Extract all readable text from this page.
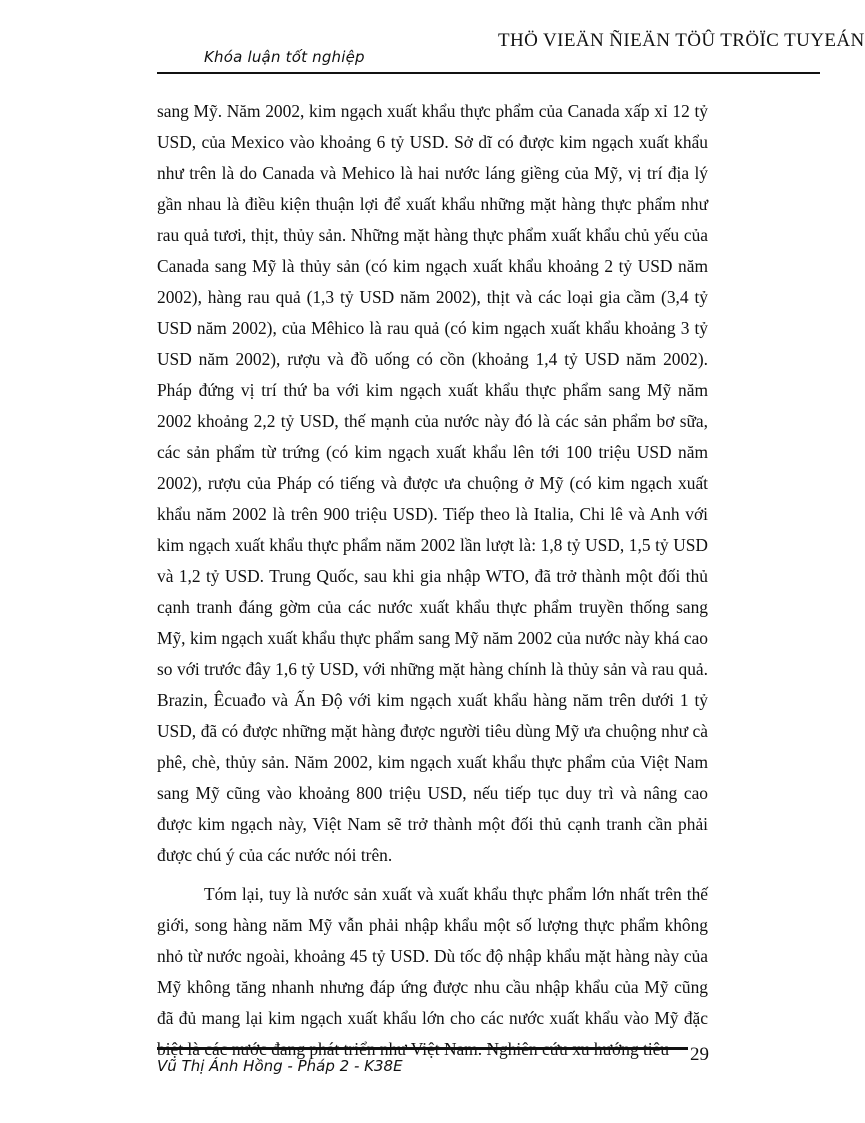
THÖ VIEÄN ÑIEÄN TÖÛ TRÖÏC TUYEÁN
Khóa luận tốt nghiệp

sang Mỹ. Năm 2002, kim ngạch xuất khẩu thực phẩm của Canada xấp xỉ 12 tỷ USD, của Mexico vào khoảng 6 tỷ USD. Sở dĩ có được kim ngạch xuất khẩu như trên là do Canada và Mehico là hai nước láng giềng của Mỹ, vị trí địa lý gần nhau là điều kiện thuận lợi để xuất khẩu những mặt hàng thực phẩm như rau quả tươi, thịt, thủy sản. Những mặt hàng thực phẩm xuất khẩu chủ yếu của Canada sang Mỹ là thủy sản (có kim ngạch xuất khẩu khoảng 2 tỷ USD năm 2002), hàng rau quả (1,3 tỷ USD năm 2002), thịt và các loại gia cầm (3,4 tỷ USD năm 2002), của Mêhico là rau quả (có kim ngạch xuất khẩu khoảng 3 tỷ USD năm 2002), rượu và đồ uống có cồn (khoảng 1,4 tỷ USD năm 2002). Pháp đứng vị trí thứ ba với kim ngạch xuất khẩu thực phẩm sang Mỹ năm 2002 khoảng 2,2 tỷ USD, thế mạnh của nước này đó là các sản phẩm bơ sữa, các sản phẩm từ trứng (có kim ngạch xuất khẩu lên tới 100 triệu USD năm 2002), rượu của Pháp có tiếng và được ưa chuộng ở Mỹ (có kim ngạch xuất khẩu năm 2002 là trên 900 triệu USD). Tiếp theo là Italia, Chi lê và Anh với kim ngạch xuất khẩu thực phẩm năm 2002 lần lượt là: 1,8 tỷ USD, 1,5 tỷ USD và 1,2 tỷ USD. Trung Quốc, sau khi gia nhập WTO, đã trở thành một đối thủ cạnh tranh đáng gờm của các nước xuất khẩu thực phẩm truyền thống sang Mỹ, kim ngạch xuất khẩu thực phẩm sang Mỹ năm 2002 của nước này khá cao so với trước đây 1,6 tỷ USD, với những mặt hàng chính là thủy sản và rau quả. Brazin, Êcuađo và Ấn Độ với kim ngạch xuất khẩu hàng năm trên dưới 1 tỷ USD, đã có được những mặt hàng được người tiêu dùng Mỹ ưa chuộng như cà phê, chè, thủy sản. Năm 2002, kim ngạch xuất khẩu thực phẩm của Việt Nam sang Mỹ cũng vào khoảng 800 triệu USD, nếu tiếp tục duy trì và nâng cao được kim ngạch này, Việt Nam sẽ trở thành một đối thủ cạnh tranh cần phải được chú ý của các nước nói trên.

Tóm lại, tuy là nước sản xuất và xuất khẩu thực phẩm lớn nhất trên thế giới, song hàng năm Mỹ vẫn phải nhập khẩu một số lượng thực phẩm không nhỏ từ nước ngoài, khoảng 45 tỷ USD. Dù tốc độ nhập khẩu mặt hàng này của Mỹ không tăng nhanh nhưng đáp ứng được nhu cầu nhập khẩu của Mỹ cũng đã đủ mang lại kim ngạch xuất khẩu lớn cho các nước xuất khẩu vào Mỹ đặc

29
Vũ Thị Ánh Hồng - Pháp 2 - K38E
